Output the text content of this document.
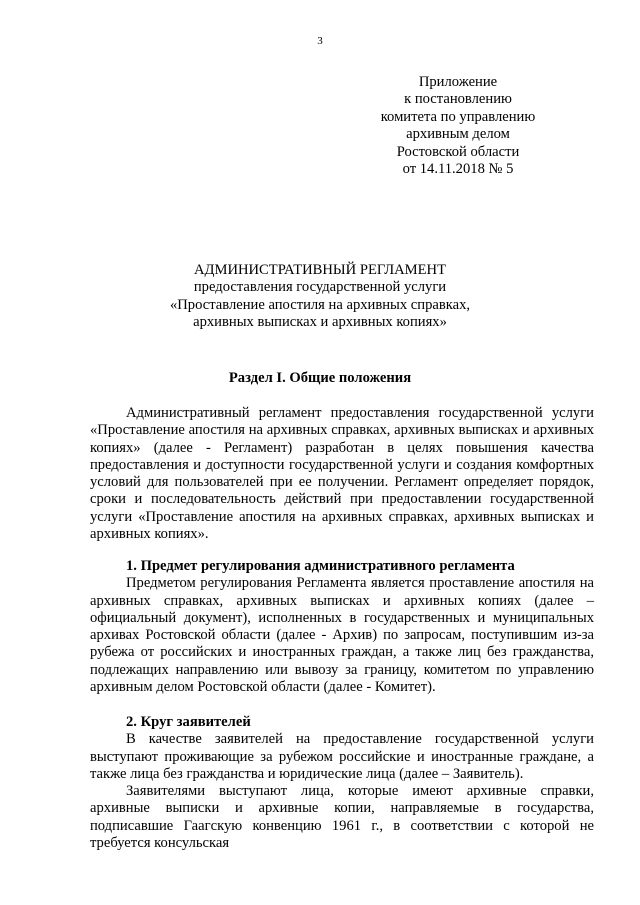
3
Приложение
к постановлению
комитета по управлению
архивным делом
Ростовской области
от 14.11.2018 № 5
АДМИНИСТРАТИВНЫЙ РЕГЛАМЕНТ
предоставления государственной услуги
«Проставление апостиля на архивных справках,
архивных выписках и архивных копиях»
Раздел I. Общие положения

Административный регламент предоставления государственной услуги «Проставление апостиля на архивных справках, архивных выписках и архивных копиях» (далее - Регламент) разработан в целях повышения качества предоставления и доступности государственной услуги и создания комфортных условий для пользователей при ее получении. Регламент определяет порядок, сроки и последовательность действий при предоставлении государственной услуги «Проставление апостиля на архивных справках, архивных выписках и архивных копиях».

1. Предмет регулирования административного регламента

Предметом регулирования Регламента является проставление апостиля на архивных справках, архивных выписках и архивных копиях (далее – официальный документ), исполненных в государственных и муниципальных архивах Ростовской области (далее - Архив) по запросам, поступившим из-за рубежа от российских и иностранных граждан, а также лиц без гражданства, подлежащих направлению или вывозу за границу, комитетом по управлению архивным делом Ростовской области (далее - Комитет).

2. Круг заявителей

В качестве заявителей на предоставление государственной услуги выступают проживающие за рубежом российские и иностранные граждане, а также лица без гражданства и юридические лица (далее – Заявитель).

Заявителями выступают лица, которые имеют архивные справки, архивные выписки и архивные копии, направляемые в государства, подписавшие Гаагскую конвенцию 1961 г., в соответствии с которой не требуется консульская
